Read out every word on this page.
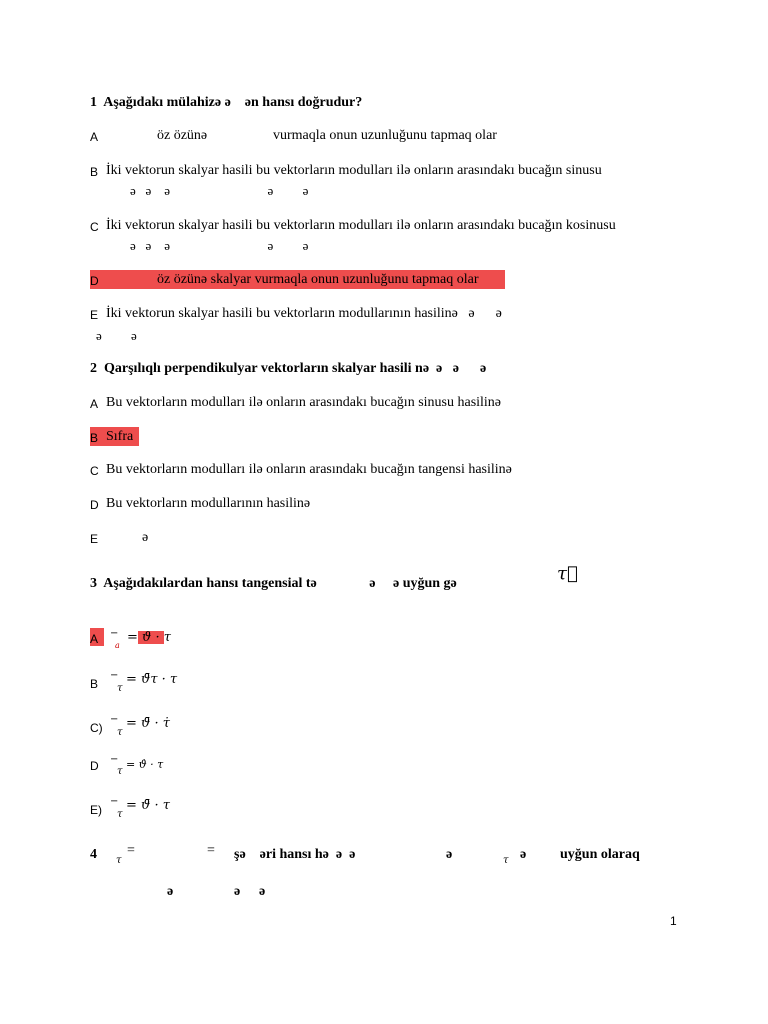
1  Aşağıdakı mülahizə ə    ən hansı doğrudur?
A	öz özünə	vurmaqla onun uzunluğunu tapmaq olar
B İki vektorun skalyar hasili bu vektorların modulları ilə onların arasındakı bucağın sinusu
ə   ə    ə                              ə         ə
C İki vektorun skalyar hasili bu vektorların modulları ilə onların arasındakı bucağın kosinusu
ə   ə    ə                              ə         ə
D	öz özünə skalyar vurmaqla onun uzunluğunu tapmaq olar
E İki vektorun skalyar hasili bu vektorların modullarının hasilinə   ə      ə
ə         ə
2  Qarşılıqlı perpendikulyar vektorların skalyar hasili nə  ə   ə      ə
A Bu vektorların modulları ilə onların arasındakı bucağın sinusu hasilinə
B Sıfra
C Bu vektorların modulları ilə onların arasındakı bucağın tangensi hasilinə
D Bu vektorların modullarının hasilinə
E	ə
3  Aşağıdakılardan hansı tangensial tə               ə     ə uyğun gə	τ⃗
A −
a
= ϑ · τ
B
−
τ
= ϑ̄τ · τ
C)
−
τ
= ϑ̄ · τ̇
D −
τ
= ϑ̇ · τ
E)
−
τ
= ϑ̄ · τ
4 τ
=	= şə    əri hansı hə  ə  ə	ə	τ ə uyğun olaraq
ə	ə ə
1
